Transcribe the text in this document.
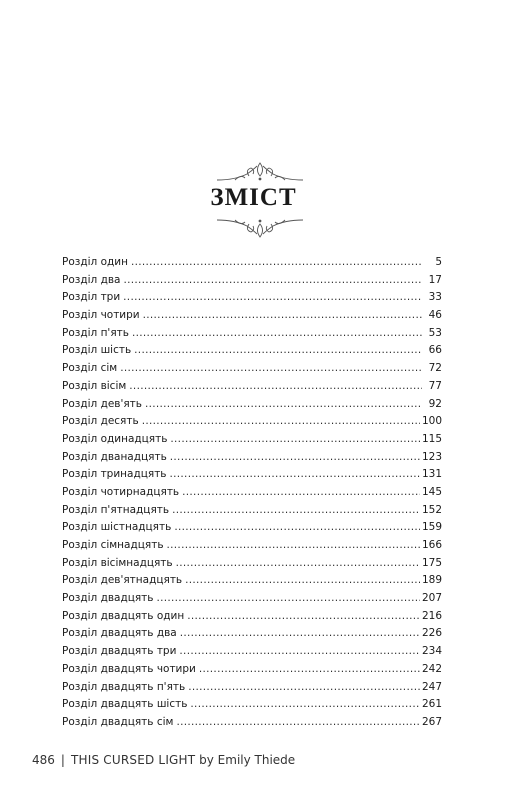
ЗМІСТ
Розділ один .....	5
Розділ два .....	17
Розділ три .....	33
Розділ чотири .....	46
Розділ п'ять .....	53
Розділ шість .....	66
Розділ сім .....	72
Розділ вісім .....	77
Розділ дев'ять .....	92
Розділ десять .....	100
Розділ одинадцять .....	115
Розділ дванадцять .....	123
Розділ тринадцять .....	131
Розділ чотирнадцять .....	145
Розділ п'ятнадцять .....	152
Розділ шістнадцять .....	159
Розділ сімнадцять .....	166
Розділ вісімнадцять .....	175
Розділ дев'ятнадцять .....	189
Розділ двадцять .....	207
Розділ двадцять один .....	216
Розділ двадцять два .....	226
Розділ двадцять три .....	234
Розділ двадцять чотири .....	242
Розділ двадцять п'ять .....	247
Розділ двадцять шість .....	261
Розділ двадцять сім .....	267
486 | THIS CURSED LIGHT by Emily Thiede
